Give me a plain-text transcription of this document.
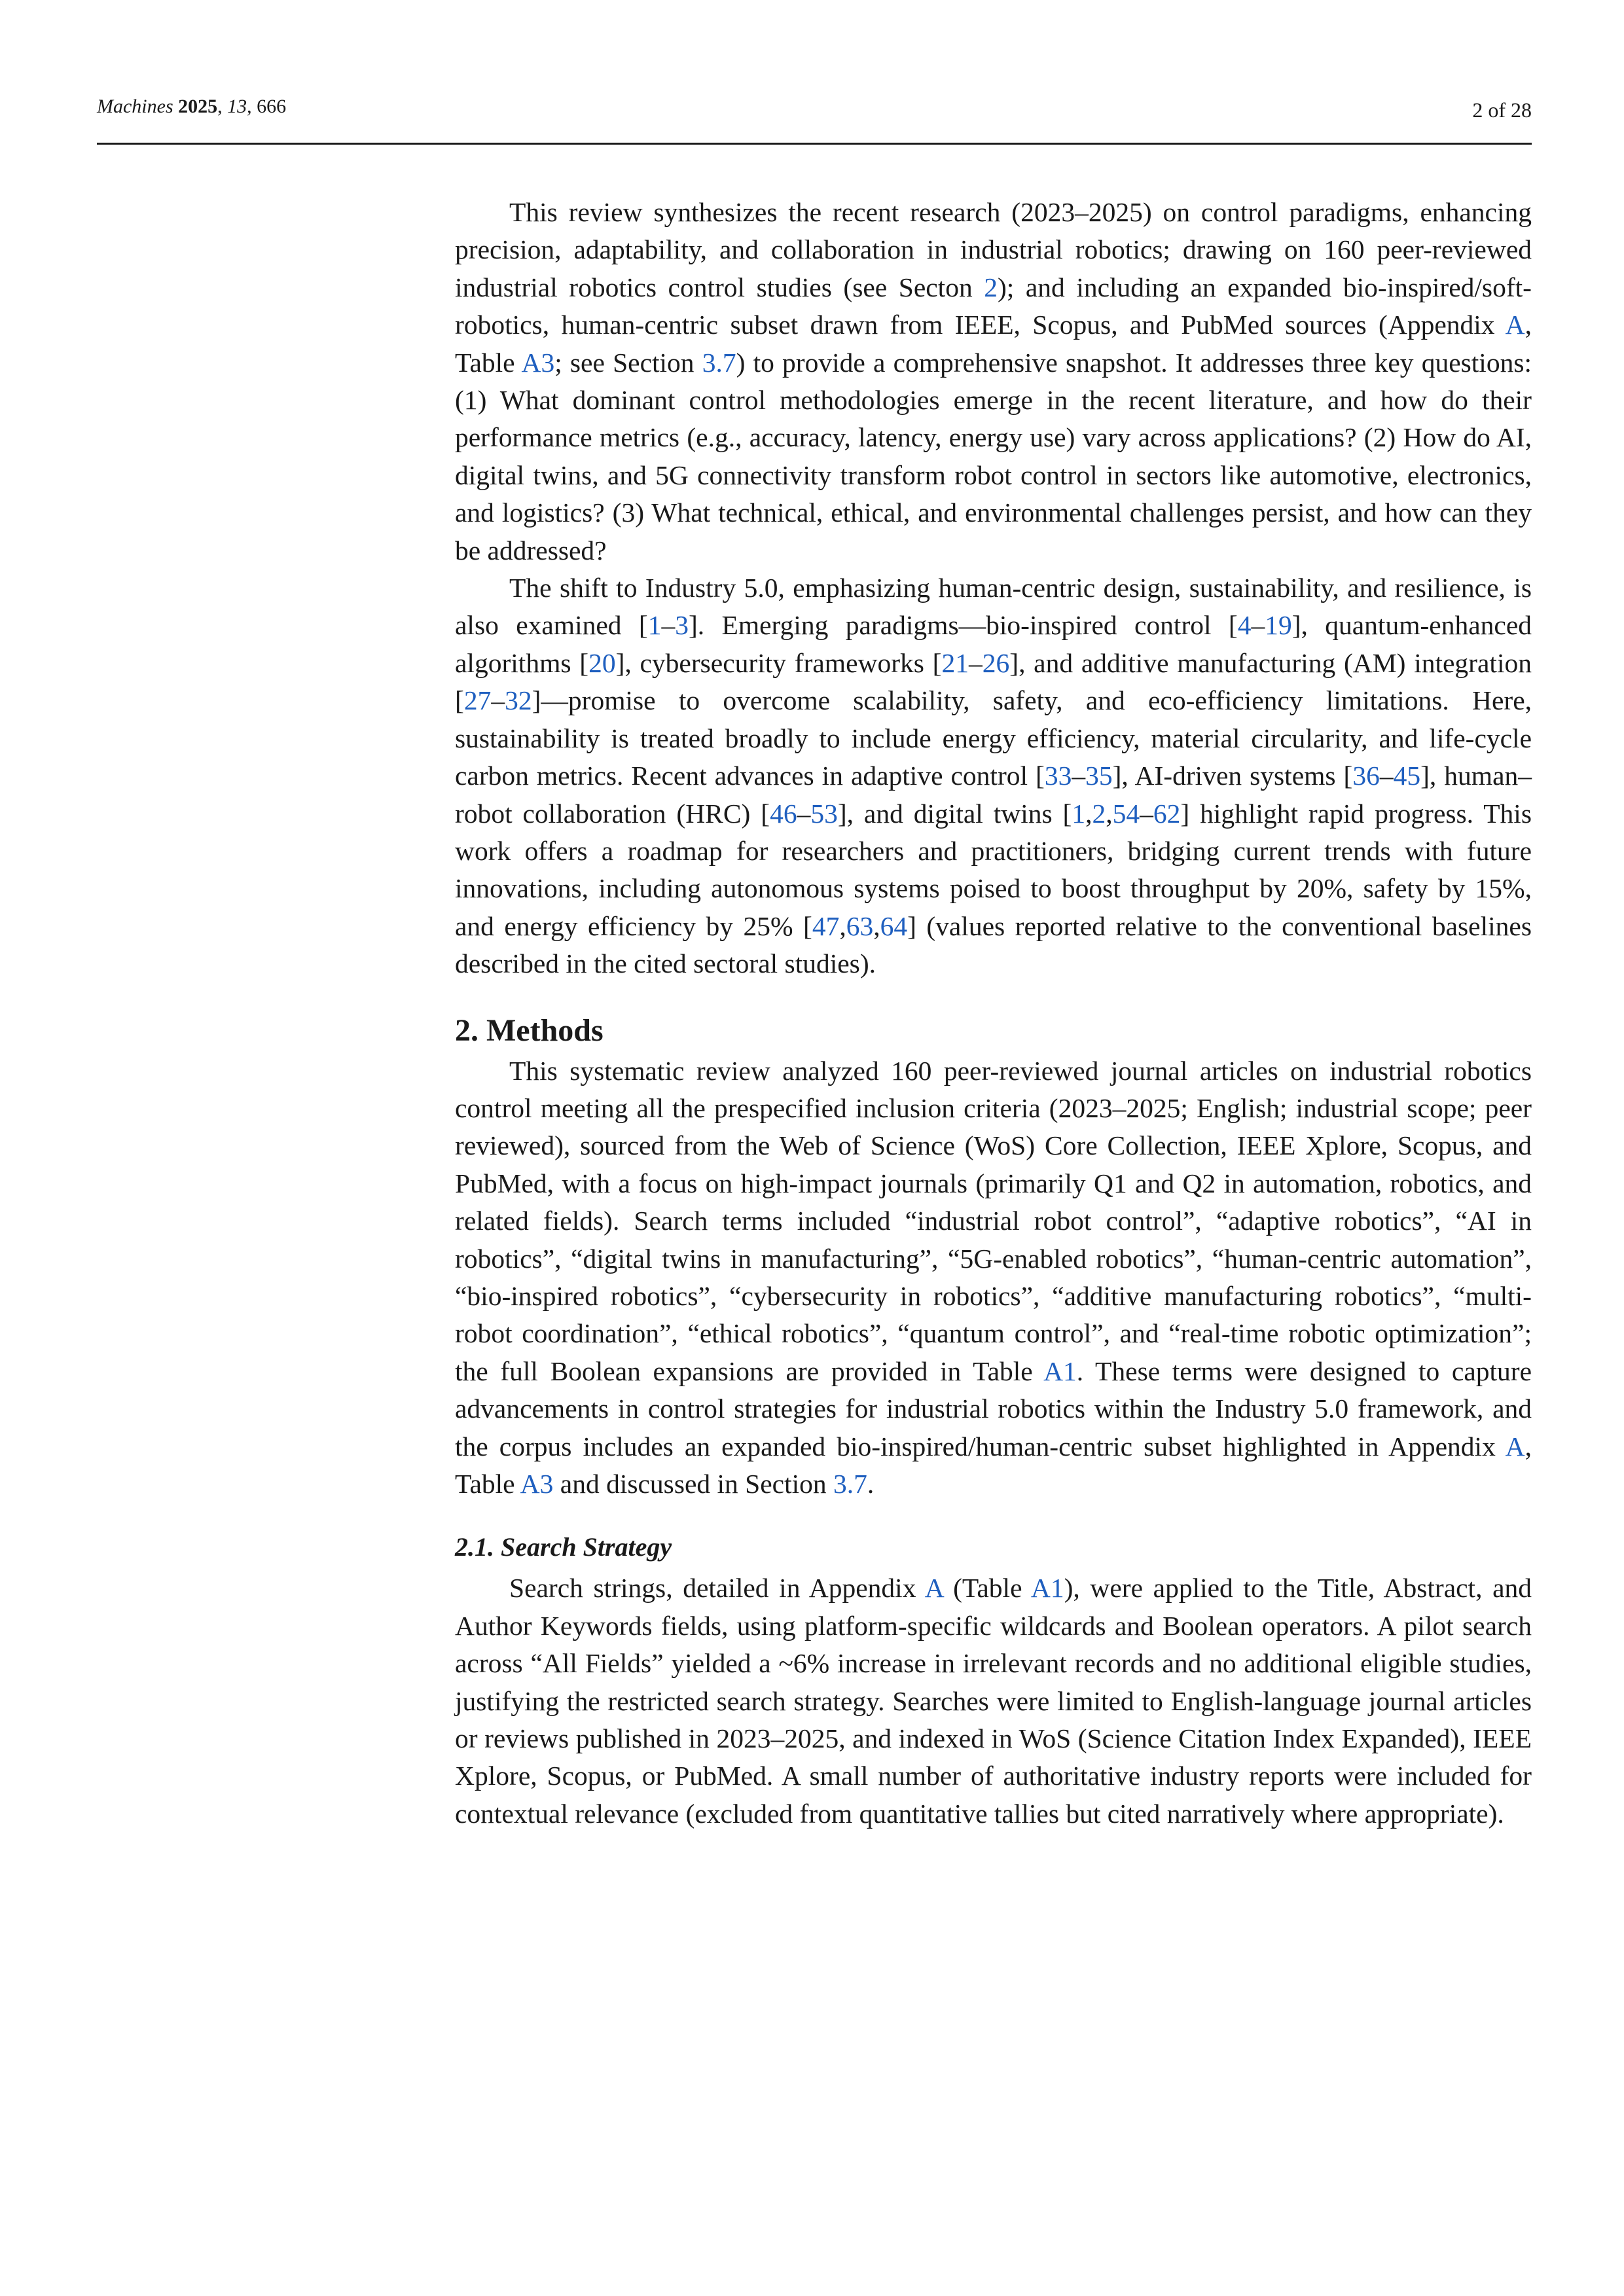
Machines 2025, 13, 666	2 of 28

This review synthesizes the recent research (2023–2025) on control paradigms, enhancing precision, adaptability, and collaboration in industrial robotics; drawing on 160 peer-reviewed industrial robotics control studies (see Secton 2); and including an expanded bio-inspired/soft-robotics, human-centric subset drawn from IEEE, Scopus, and PubMed sources (Appendix A, Table A3; see Section 3.7) to provide a comprehensive snapshot. It addresses three key questions: (1) What dominant control methodologies emerge in the recent literature, and how do their performance metrics (e.g., accuracy, latency, energy use) vary across applications? (2) How do AI, digital twins, and 5G connectivity transform robot control in sectors like automotive, electronics, and logistics? (3) What technical, ethical, and environmental challenges persist, and how can they be addressed?

The shift to Industry 5.0, emphasizing human-centric design, sustainability, and resilience, is also examined [1–3]. Emerging paradigms—bio-inspired control [4–19], quantum-enhanced algorithms [20], cybersecurity frameworks [21–26], and additive manufacturing (AM) integration [27–32]—promise to overcome scalability, safety, and eco-efficiency limitations. Here, sustainability is treated broadly to include energy efficiency, material circularity, and life-cycle carbon metrics. Recent advances in adaptive control [33–35], AI-driven systems [36–45], human–robot collaboration (HRC) [46–53], and digital twins [1,2,54–62] highlight rapid progress. This work offers a roadmap for researchers and practitioners, bridging current trends with future innovations, including autonomous systems poised to boost throughput by 20%, safety by 15%, and energy efficiency by 25% [47,63,64] (values reported relative to the conventional baselines described in the cited sectoral studies).

2. Methods

This systematic review analyzed 160 peer-reviewed journal articles on industrial robotics control meeting all the prespecified inclusion criteria (2023–2025; English; industrial scope; peer reviewed), sourced from the Web of Science (WoS) Core Collection, IEEE Xplore, Scopus, and PubMed, with a focus on high-impact journals (primarily Q1 and Q2 in automation, robotics, and related fields). Search terms included “industrial robot control”, “adaptive robotics”, “AI in robotics”, “digital twins in manufacturing”, “5G-enabled robotics”, “human-centric automation”, “bio-inspired robotics”, “cybersecurity in robotics”, “additive manufacturing robotics”, “multi-robot coordination”, “ethical robotics”, “quantum control”, and “real-time robotic optimization”; the full Boolean expansions are provided in Table A1. These terms were designed to capture advancements in control strategies for industrial robotics within the Industry 5.0 framework, and the corpus includes an expanded bio-inspired/human-centric subset highlighted in Appendix A, Table A3 and discussed in Section 3.7.

2.1. Search Strategy

Search strings, detailed in Appendix A (Table A1), were applied to the Title, Abstract, and Author Keywords fields, using platform-specific wildcards and Boolean operators. A pilot search across “All Fields” yielded a ~6% increase in irrelevant records and no additional eligible studies, justifying the restricted search strategy. Searches were limited to English-language journal articles or reviews published in 2023–2025, and indexed in WoS (Science Citation Index Expanded), IEEE Xplore, Scopus, or PubMed. A small number of authoritative industry reports were included for contextual relevance (excluded from quantitative tallies but cited narratively where appropriate).
